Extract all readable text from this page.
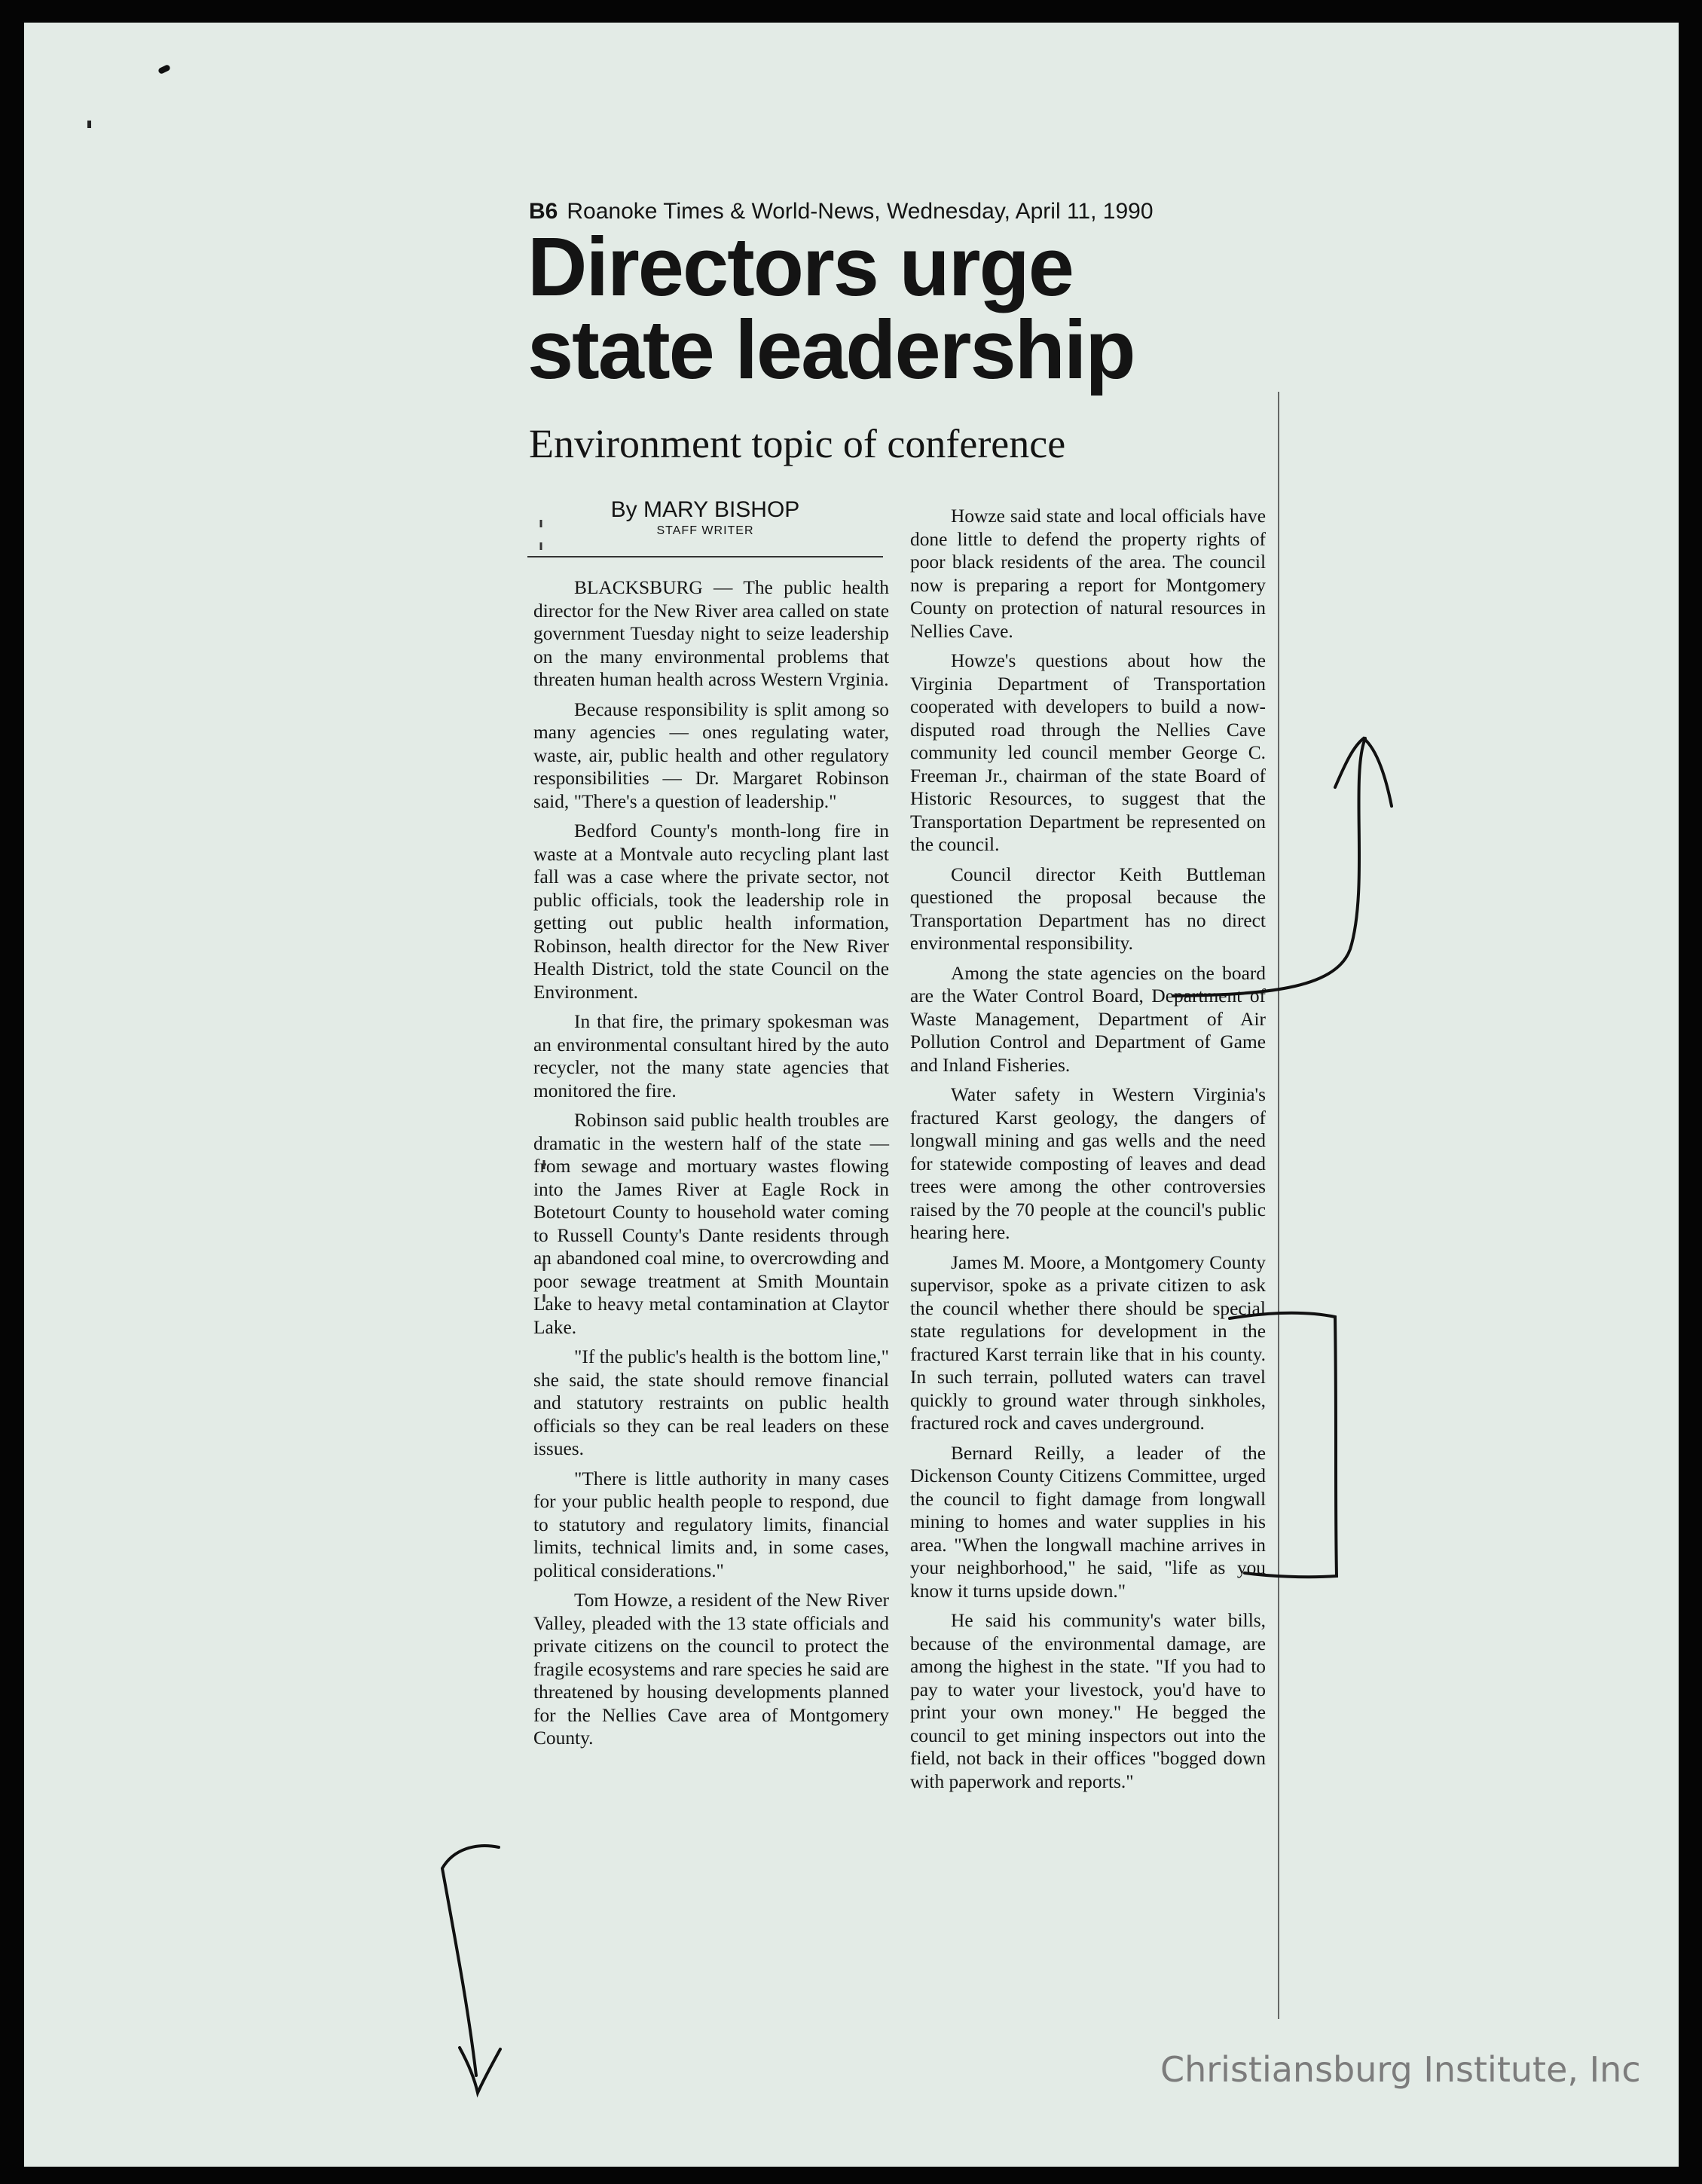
B6 Roanoke Times & World-News, Wednesday, April 11, 1990
Directors urge
state leadership
Environment topic of conference
By MARY BISHOP
STAFF WRITER

BLACKSBURG — The public health director for the New River area called on state government Tuesday night to seize leadership on the many environmental problems that threaten human health across Western Vrginia.

Because responsibility is split among so many agencies — ones regulating water, waste, air, public health and other regulatory responsibilities — Dr. Margaret Robinson said, "There's a question of leadership."

Bedford County's month-long fire in waste at a Montvale auto recycling plant last fall was a case where the private sector, not public officials, took the leadership role in getting out public health information, Robinson, health director for the New River Health District, told the state Council on the Environment.

In that fire, the primary spokesman was an environmental consultant hired by the auto recycler, not the many state agencies that monitored the fire.

Robinson said public health troubles are dramatic in the western half of the state — from sewage and mortuary wastes flowing into the James River at Eagle Rock in Botetourt County to household water coming to Russell County's Dante residents through an abandoned coal mine, to overcrowding and poor sewage treatment at Smith Mountain Lake to heavy metal contamination at Claytor Lake.

"If the public's health is the bottom line," she said, the state should remove financial and statutory restraints on public health officials so they can be real leaders on these issues.

"There is little authority in many cases for your public health people to respond, due to statutory and regulatory limits, financial limits, technical limits and, in some cases, political considerations."

Tom Howze, a resident of the New River Valley, pleaded with the 13 state officials and private citizens on the council to protect the fragile ecosystems and rare species he said are threatened by housing developments planned for the Nellies Cave area of Montgomery County.

Howze said state and local officials have done little to defend the property rights of poor black residents of the area. The council now is preparing a report for Montgomery County on protection of natural resources in Nellies Cave.

Howze's questions about how the Virginia Department of Transportation cooperated with developers to build a now-disputed road through the Nellies Cave community led council member George C. Freeman Jr., chairman of the state Board of Historic Resources, to suggest that the Transportation Department be represented on the council.

Council director Keith Buttleman questioned the proposal because the Transportation Department has no direct environmental responsibility.

Among the state agencies on the board are the Water Control Board, Department of Waste Management, Department of Air Pollution Control and Department of Game and Inland Fisheries.

Water safety in Western Virginia's fractured Karst geology, the dangers of longwall mining and gas wells and the need for statewide composting of leaves and dead trees were among the other controversies raised by the 70 people at the council's public hearing here.

James M. Moore, a Montgomery County supervisor, spoke as a private citizen to ask the council whether there should be special state regulations for development in the fractured Karst terrain like that in his county. In such terrain, polluted waters can travel quickly to ground water through sinkholes, fractured rock and caves underground.

Bernard Reilly, a leader of the Dickenson County Citizens Committee, urged the council to fight damage from longwall mining to homes and water supplies in his area. "When the longwall machine arrives in your neighborhood," he said, "life as you know it turns upside down."

He said his community's water bills, because of the environmental damage, are among the highest in the state. "If you had to pay to water your livestock, you'd have to print your own money." He begged the council to get mining inspectors out into the field, not back in their offices "bogged down with paperwork and reports."

Christiansburg Institute, Inc
